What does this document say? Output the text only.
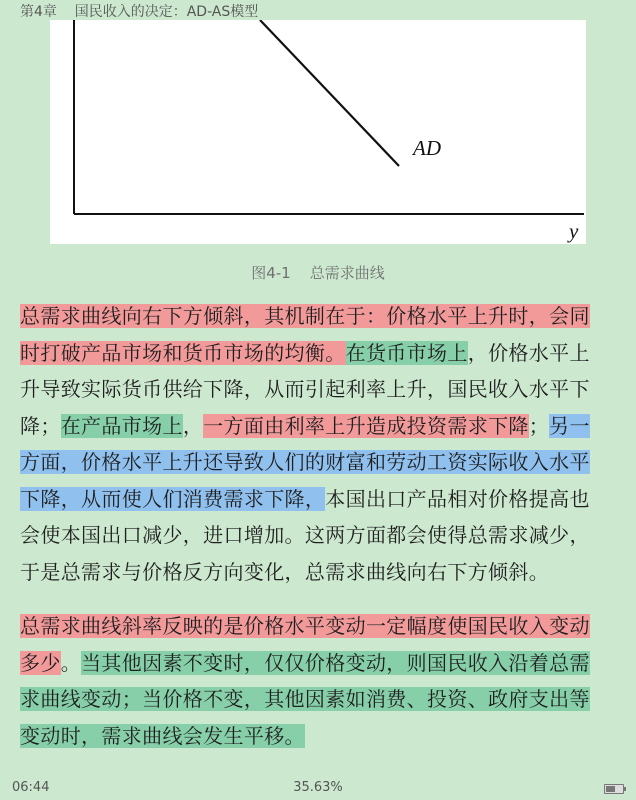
第4章    国民收入的决定：AD-AS模型
AD
y
图4-1    总需求曲线

总需求曲线向右下方倾斜，其机制在于：价格水平上升时，会同时打破产品市场和货币市场的均衡。在货币市场上，价格水平上升导致实际货币供给下降，从而引起利率上升，国民收入水平下降；在产品市场上，一方面由利率上升造成投资需求下降；另一方面，价格水平上升还导致人们的财富和劳动工资实际收入水平下降，从而使人们消费需求下降，本国出口产品相对价格提高也会使本国出口减少，进口增加。这两方面都会使得总需求减少，于是总需求与价格反方向变化，总需求曲线向右下方倾斜。

总需求曲线斜率反映的是价格水平变动一定幅度使国民收入变动多少。当其他因素不变时，仅仅价格变动，则国民收入沿着总需求曲线变动；当价格不变，其他因素如消费、投资、政府支出等变动时，需求曲线会发生平移。

06:44	35.63%
